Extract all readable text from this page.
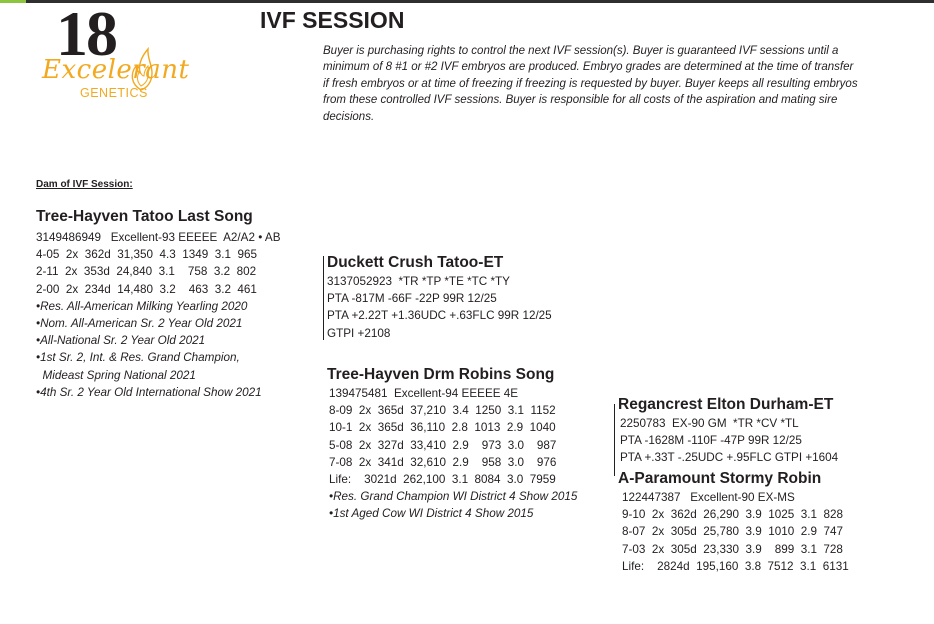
18
Excelerant
GENETICS
IVF SESSION
Buyer is purchasing rights to control the next IVF session(s). Buyer is guaranteed IVF sessions until a
minimum of 8 #1 or #2 IVF embryos are produced. Embryo grades are determined at the time of transfer
if fresh embryos or at time of freezing if freezing is requested by buyer. Buyer keeps all resulting embryos
from these controlled IVF sessions. Buyer is responsible for all costs of the aspiration and mating sire
decisions.
Dam of IVF Session:
Tree-Hayven Tatoo Last Song
3149486949   Excellent-93 EEEEE  A2/A2 • AB
4-05  2x  362d  31,350  4.3  1349  3.1  965
2-11  2x  353d  24,840  3.1    758  3.2  802
2-00  2x  234d  14,480  3.2    463  3.2  461
•Res. All-American Milking Yearling 2020
•Nom. All-American Sr. 2 Year Old 2021
•All-National Sr. 2 Year Old 2021
•1st Sr. 2, Int. & Res. Grand Champion,
Mideast Spring National 2021
•4th Sr. 2 Year Old International Show 2021
Duckett Crush Tatoo-ET
3137052923  *TR *TP *TE *TC *TY
PTA -817M -66F -22P 99R 12/25
PTA +2.22T +1.36UDC +.63FLC 99R 12/25
GTPI +2108
Tree-Hayven Drm Robins Song
139475481  Excellent-94 EEEEE 4E
8-09  2x  365d  37,210  3.4  1250  3.1  1152
10-1  2x  365d  36,110  2.8  1013  2.9  1040
5-08  2x  327d  33,410  2.9    973  3.0    987
7-08  2x  341d  32,610  2.9    958  3.0    976
Life:    3021d  262,100  3.1  8084  3.0  7959
•Res. Grand Champion WI District 4 Show 2015
•1st Aged Cow WI District 4 Show 2015
Regancrest Elton Durham-ET
2250783  EX-90 GM  *TR *CV *TL
PTA -1628M -110F -47P 99R 12/25
PTA +.33T -.25UDC +.95FLC GTPI +1604
A-Paramount Stormy Robin
122447387   Excellent-90 EX-MS
9-10  2x  362d  26,290  3.9  1025  3.1  828
8-07  2x  305d  25,780  3.9  1010  2.9  747
7-03  2x  305d  23,330  3.9    899  3.1  728
Life:    2824d  195,160  3.8  7512  3.1  6131
